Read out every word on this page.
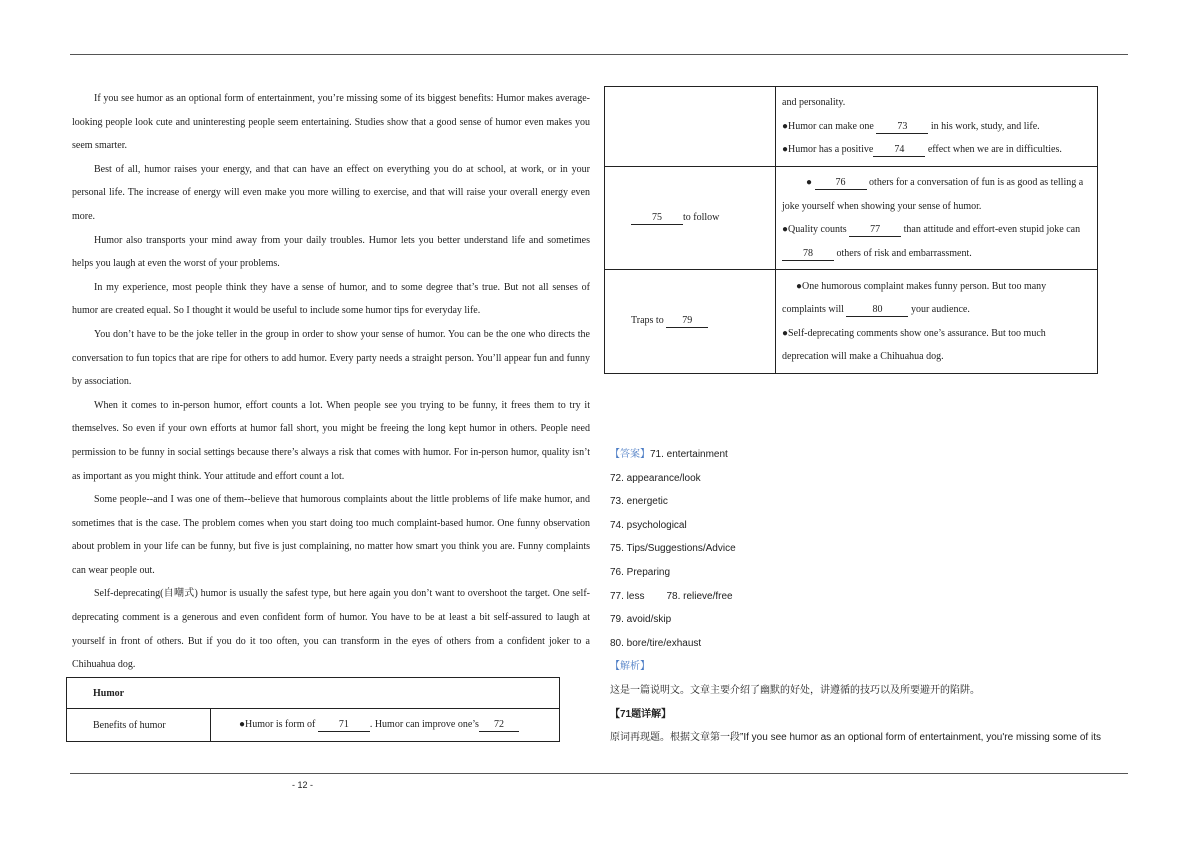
If you see humor as an optional form of entertainment, you’re missing some of its biggest benefits: Humor makes average-looking people look cute and uninteresting people seem entertaining. Studies show that a good sense of humor even makes you seem smarter.

Best of all, humor raises your energy, and that can have an effect on everything you do at school, at work, or in your personal life. The increase of energy will even make you more willing to exercise, and that will raise your overall energy even more.

Humor also transports your mind away from your daily troubles. Humor lets you better understand life and sometimes helps you laugh at even the worst of your problems.

In my experience, most people think they have a sense of humor, and to some degree that’s true. But not all senses of humor are created equal. So I thought it would be useful to include some humor tips for everyday life.

You don’t have to be the joke teller in the group in order to show your sense of humor. You can be the one who directs the conversation to fun topics that are ripe for others to add humor. Every party needs a straight person. You’ll appear fun and funny by association.

When it comes to in-person humor, effort counts a lot. When people see you trying to be funny, it frees them to try it themselves. So even if your own efforts at humor fall short, you might be freeing the long kept humor in others. People need permission to be funny in social settings because there’s always a risk that comes with humor. For in-person humor, quality isn’t as important as you might think. Your attitude and effort count a lot.

Some people--and I was one of them--believe that humorous complaints about the little problems of life make humor, and sometimes that is the case. The problem comes when you start doing too much complaint-based humor. One funny observation about problem in your life can be funny, but five is just complaining, no matter how smart you think you are. Funny complaints can wear people out.

Self-deprecating(自嘲式) humor is usually the safest type, but here again you don’t want to overshoot the target. One self-deprecating comment is a generous and even confident form of humor. You have to be at least a bit self-assured to laugh at yourself in front of others. But if you do it too often, you can transform in the eyes of others from a confident joker to a Chihuahua dog.

Humor
Benefits of humor	●Humor is form of 71 . Humor can improve one’s 72

	and personality.
●Humor can make one 73 in his work, study, and life.
●Humor has a positive 74 effect when we are in difficulties.

75 to follow	● 76 others for a conversation of fun is as good as telling a joke yourself when showing your sense of humor.
●Quality counts 77 than attitude and effort-even stupid joke can 78 others of risk and embarrassment.

Traps to 79	●One humorous complaint makes funny person. But too many complaints will 80 your audience.
●Self-deprecating comments show one’s assurance. But too much deprecation will make a Chihuahua dog.
【答案】71. entertainment
72. appearance/look
73. energetic
74. psychological
75. Tips/Suggestions/Advice
76. Preparing
77. less 78. relieve/free
79. avoid/skip
80. bore/tire/exhaust
【解析】
这是一篇说明文。文章主要介绍了幽默的好处，讲遵循的技巧以及所要避开的陷阱。
【71题详解】
原词再现题。根据文章第一段”If you see humor as an optional form of entertainment, you're missing some of its
- 12 -
